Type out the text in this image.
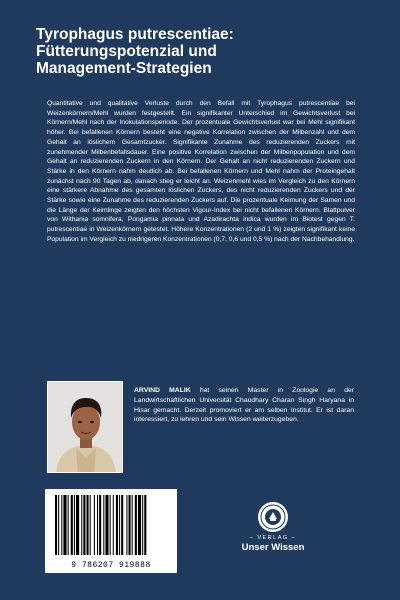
Tyrophagus putrescentiae:
Fütterungspotenzial und
Management-Strategien

Quantitative und qualitative Verluste durch den Befall mit Tyrophagus putrescentiae bei Weizenkörnern/Mehl wurden festgestellt. Ein signifikanter Unterschied im Gewichtsverlust bei Körnern/Mehl nach der Inokulationsperiode. Der prozentuale Gewichtsverlust war bei Mehl signifikant höher. Bei befallenen Körnern besteht eine negative Korrelation zwischen der Milbenzahl und dem Gehalt an löslichem Gesamtzucker. Signifikante Zunahme des reduzierenden Zuckers mit zunehmender Milbenbefallsdauer. Eine positive Korrelation zwischen der Milbenpopulation und dem Gehalt an reduzierenden Zuckern in den Körnern. Der Gehalt an nicht reduzierenden Zuckern und Stärke in den Körnern nahm deutlich ab. Bei befallenen Körnern und Mehl nahm der Proteingehalt zunächst nach 90 Tagen ab, danach stieg er leicht an. Weizenmehl wies im Vergleich zu den Körnern eine stärkere Abnahme des gesamten löslichen Zuckers, des nicht reduzierenden Zuckers und der Stärke sowie eine Zunahme des reduzierenden Zuckers auf. Die prozentuale Keimung der Samen und die Länge der Keimlinge zeigten den höchsten Vigour-Index bei nicht befallenen Körnern. Blattpulver von Withania somnifera, Pongamia pinnata und Azadirachta indica wurden im Biotest gegen T. putrescentiae in Weizenkörnern getestet. Höhere Konzentrationen (2 und 1 %) zeigten signifikant keine Population im Vergleich zu niedrigeren Konzentrationen (0,7, 0,6 und 0,5 %) nach der Nachbehandlung.

ARVIND MALIK hat seinen Master in Zoologie an der Landwirtschaftlichen Universität Chaudhary Charan Singh Haryana in Hisar gemacht. Derzeit promoviert er am selben Institut. Er ist daran interessiert, zu lehren und sein Wissen weiterzugeben.

9 786207 919888
– VERLAG –
Unser Wissen
